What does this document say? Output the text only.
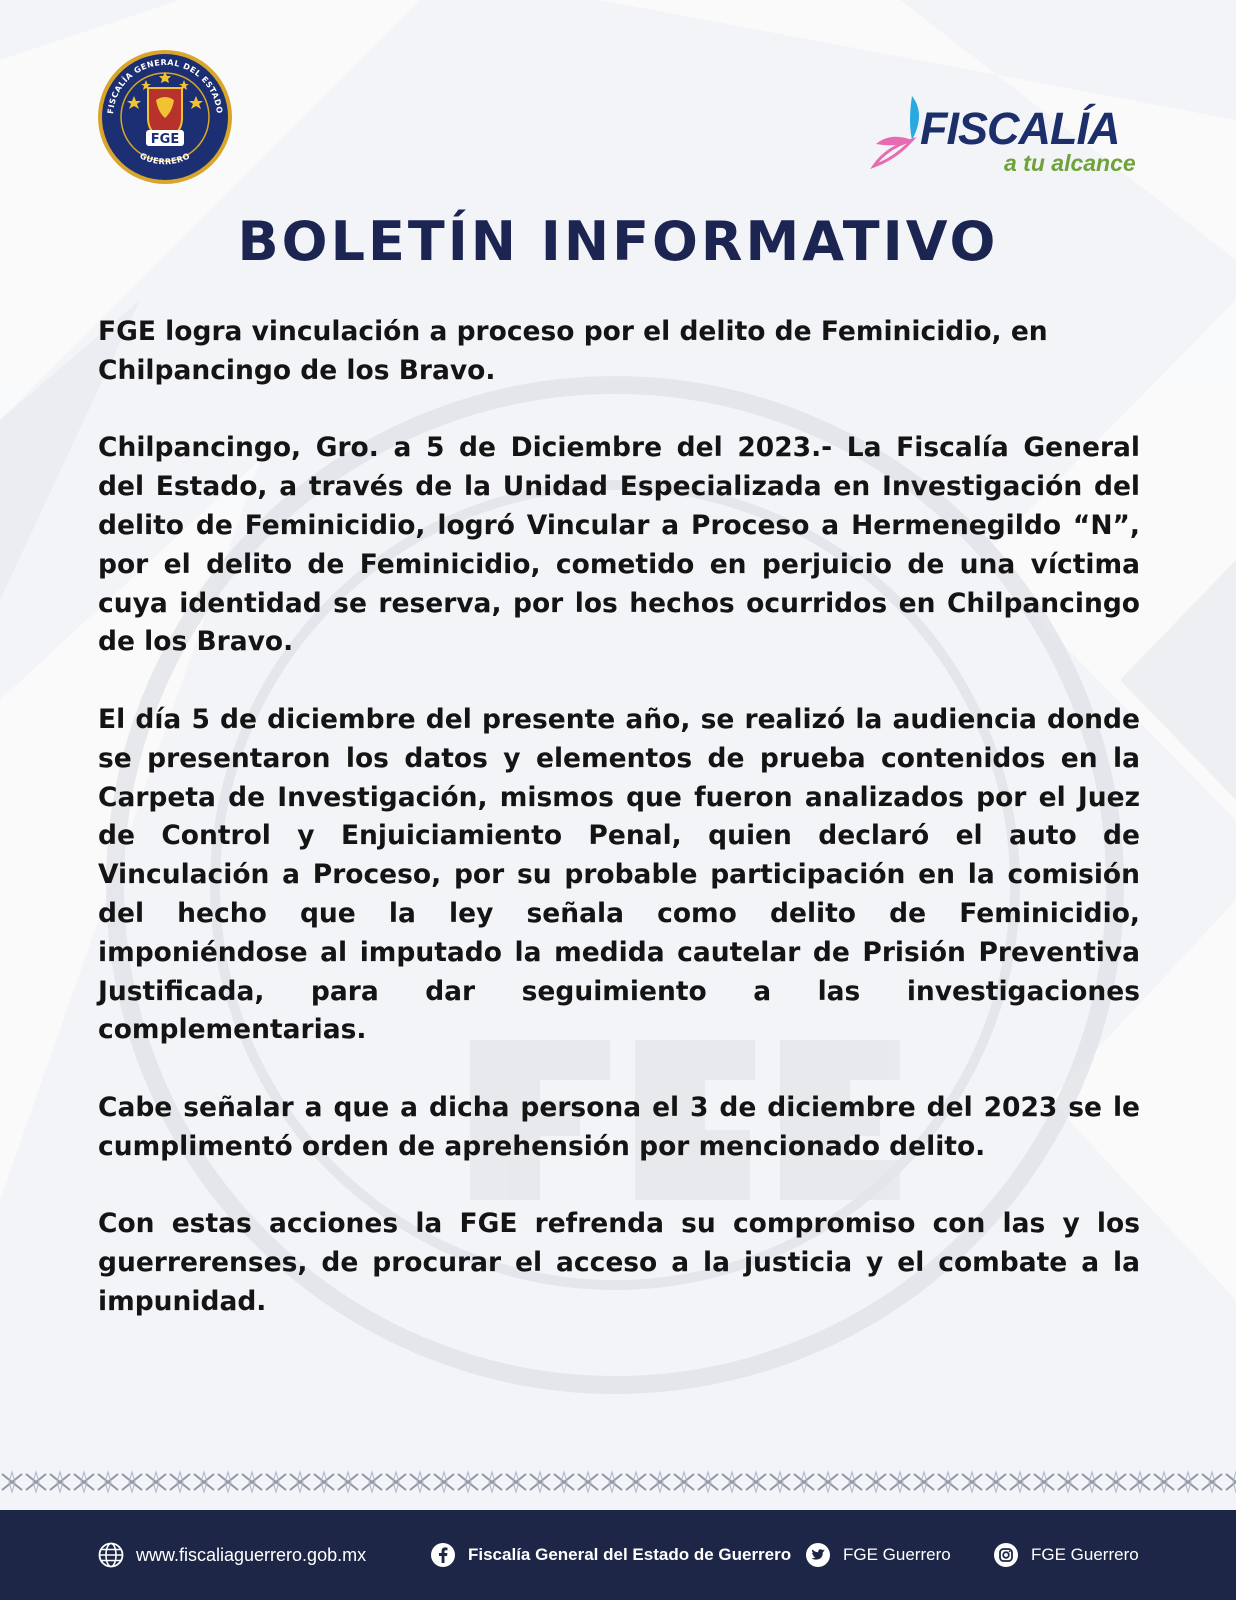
FGE
FISCALÍA GENERAL DEL ESTADO
GUERRERO
FISCALÍA
a tu alcance
BOLETÍN INFORMATIVO

FGE logra vinculación a proceso por el delito de Feminicidio, en Chilpancingo de los Bravo.

Chilpancingo, Gro. a 5 de Diciembre del 2023.- La Fiscalía General del Estado, a través de la Unidad Especializada en Investigación del delito de Feminicidio, logró Vincular a Proceso a Hermenegildo “N”, por el delito de Feminicidio, cometido en perjuicio de una víctima cuya identidad se reserva, por los hechos ocurridos en Chilpancingo de los Bravo.

El día 5 de diciembre del presente año, se realizó la audiencia donde se presentaron los datos y elementos de prueba contenidos en la Carpeta de Investigación, mismos que fueron analizados por el Juez de Control y Enjuiciamiento Penal, quien declaró el auto de Vinculación a Proceso, por su probable participación en la comisión del hecho que la ley señala como delito de Feminicidio, imponiéndose al imputado la medida cautelar de Prisión Preventiva Justificada, para dar seguimiento a las investigaciones complementarias.

Cabe señalar a que a dicha persona el 3 de diciembre del 2023 se le cumplimentó orden de aprehensión por mencionado delito.

Con estas acciones la FGE refrenda su compromiso con las y los guerrerenses, de procurar el acceso a la justicia y el combate a la impunidad.

www.fiscaliaguerrero.gob.mx	Fiscalía General del Estado de Guerrero	FGE Guerrero	FGE Guerrero
